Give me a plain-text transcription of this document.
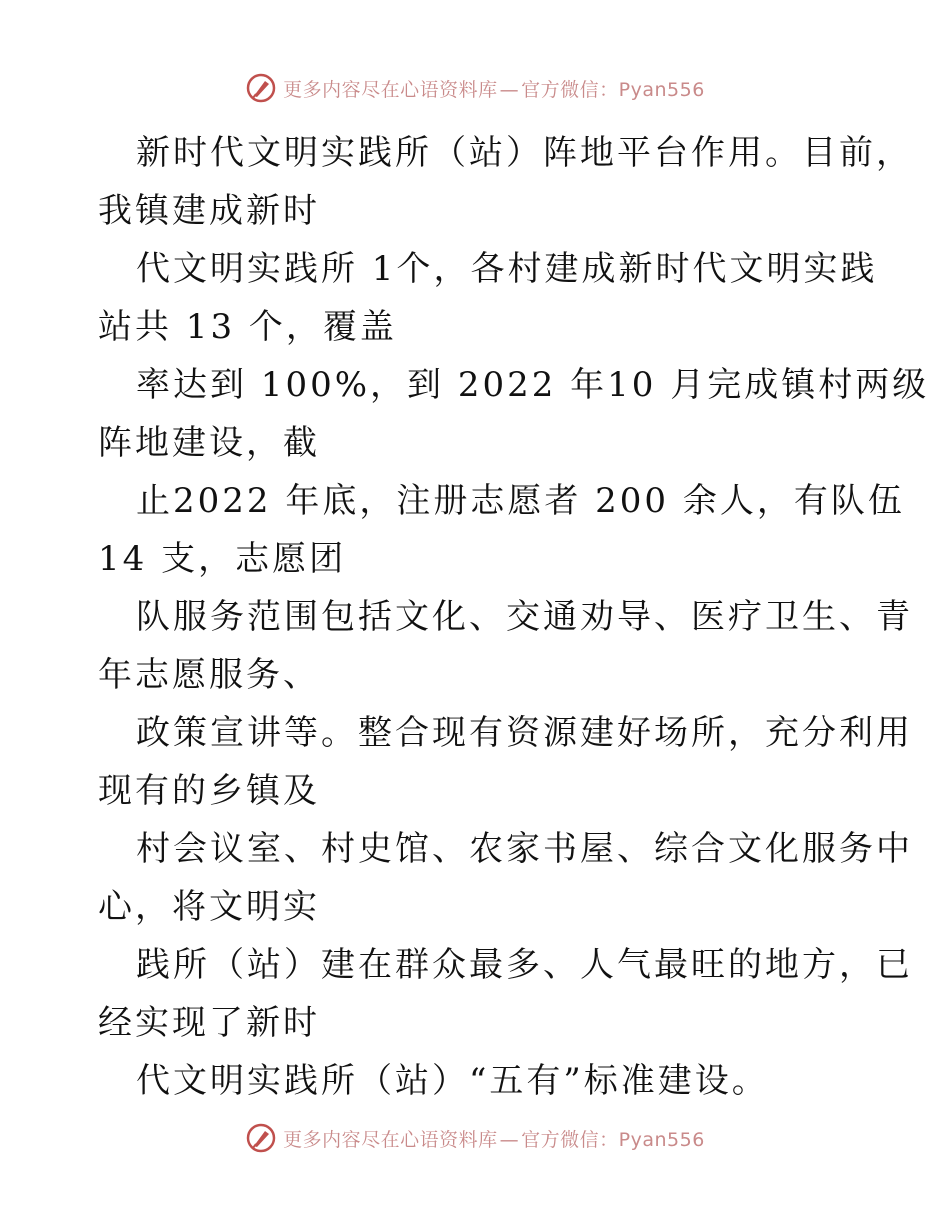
更多内容尽在心语资料库 — 官方微信：Pyan556
新时代文明实践所（站）阵地平台作用。目前，
我镇建成新时
代文明实践所 1个，各村建成新时代文明实践
站共 13 个，覆盖
率达到 100%，到 2022 年10 月完成镇村两级
阵地建设，截
止2022 年底，注册志愿者 200 余人，有队伍
14 支，志愿团
队服务范围包括文化、交通劝导、医疗卫生、青
年志愿服务、
政策宣讲等。整合现有资源建好场所，充分利用
现有的乡镇及
村会议室、村史馆、农家书屋、综合文化服务中
心，将文明实
践所（站）建在群众最多、人气最旺的地方，已
经实现了新时
代文明实践所（站）“五有”标准建设。
更多内容尽在心语资料库 — 官方微信：Pyan556
